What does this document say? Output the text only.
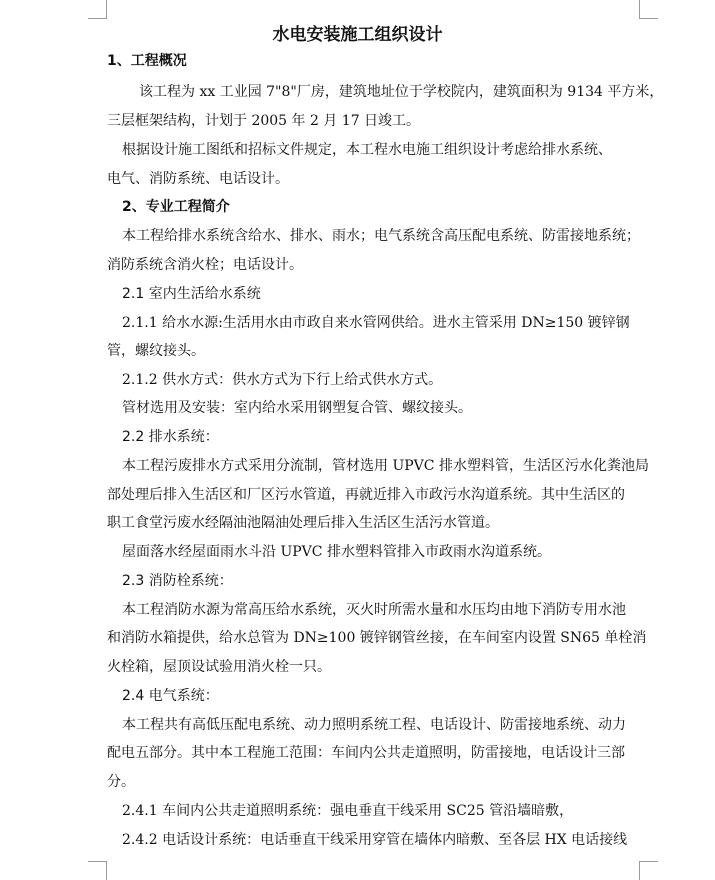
水电安装施工组织设计

1、工程概况

该工程为 xx 工业园 7"8"厂房，建筑地址位于学校院内，建筑面积为 9134 平方米，

三层框架结构，计划于 2005 年 2 月 17 日竣工。

根据设计施工图纸和招标文件规定，本工程水电施工组织设计考虑给排水系统、

电气、消防系统、电话设计。

2、专业工程简介

本工程给排水系统含给水、排水、雨水；电气系统含高压配电系统、防雷接地系统；

消防系统含消火栓；电话设计。

2.1 室内生活给水系统

2.1.1 给水水源:生活用水由市政自来水管网供给。进水主管采用 DN≥150 镀锌钢

管，螺纹接头。

2.1.2 供水方式：供水方式为下行上给式供水方式。

管材选用及安装：室内给水采用钢塑复合管、螺纹接头。

2.2 排水系统：

本工程污废排水方式采用分流制，管材选用 UPVC 排水塑料管，生活区污水化粪池局

部处理后排入生活区和厂区污水管道，再就近排入市政污水沟道系统。其中生活区的

职工食堂污废水经隔油池隔油处理后排入生活区生活污水管道。

屋面落水经屋面雨水斗沿 UPVC 排水塑料管排入市政雨水沟道系统。

2.3 消防栓系统：

本工程消防水源为常高压给水系统，灭火时所需水量和水压均由地下消防专用水池

和消防水箱提供，给水总管为 DN≥100 镀锌钢管丝接，在车间室内设置 SN65 单栓消

火栓箱，屋顶设试验用消火栓一只。

2.4 电气系统：

本工程共有高低压配电系统、动力照明系统工程、电话设计、防雷接地系统、动力

配电五部分。其中本工程施工范围：车间内公共走道照明，防雷接地，电话设计三部

分。

2.4.1 车间内公共走道照明系统：强电垂直干线采用 SC25 管沿墙暗敷，

2.4.2 电话设计系统：电话垂直干线采用穿管在墙体内暗敷、至各层 HX 电话接线
